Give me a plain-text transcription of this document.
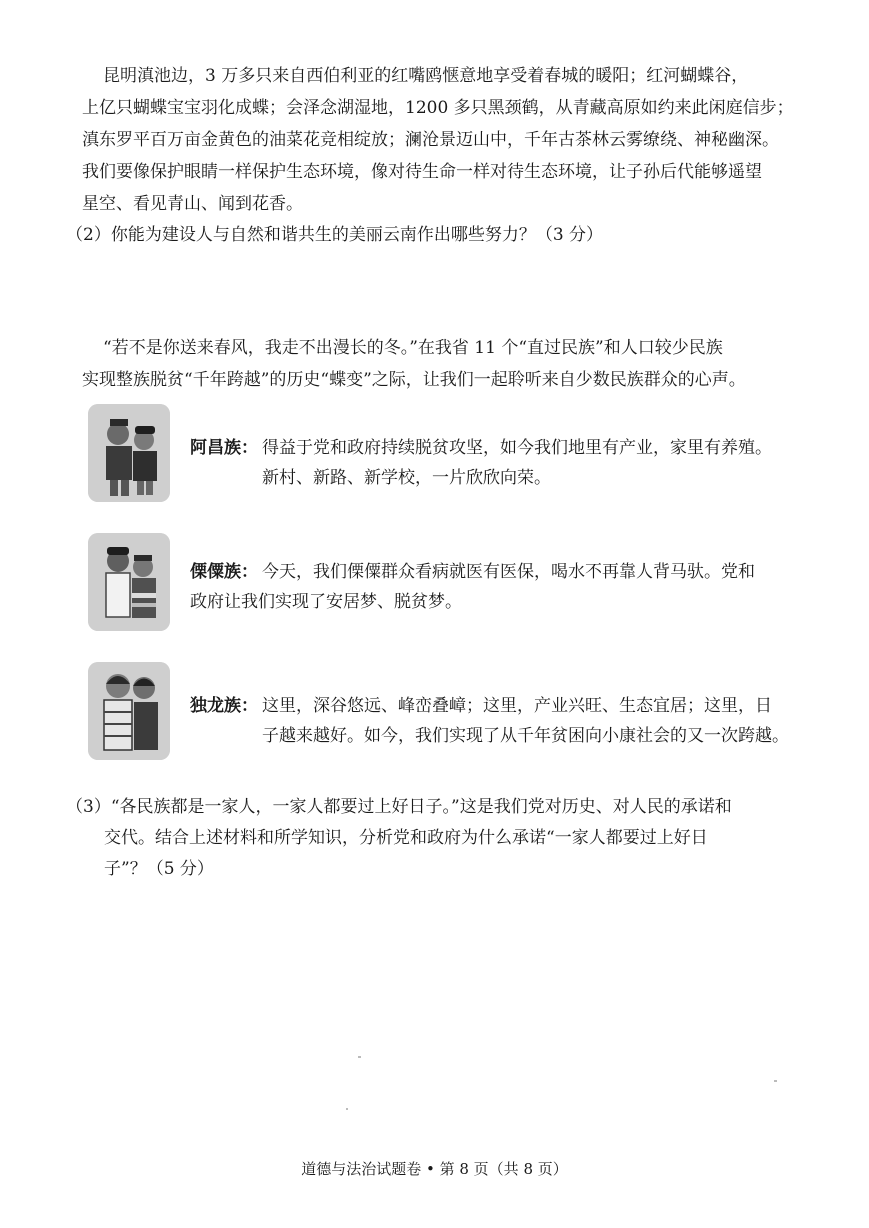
昆明滇池边，3 万多只来自西伯利亚的红嘴鸥惬意地享受着春城的暖阳；红河蝴蝶谷，
上亿只蝴蝶宝宝羽化成蝶；会泽念湖湿地，1200 多只黑颈鹤，从青藏高原如约来此闲庭信步；
滇东罗平百万亩金黄色的油菜花竞相绽放；澜沧景迈山中，千年古茶林云雾缭绕、神秘幽深。
我们要像保护眼睛一样保护生态环境，像对待生命一样对待生态环境，让子孙后代能够遥望
星空、看见青山、闻到花香。
（2）你能为建设人与自然和谐共生的美丽云南作出哪些努力？（3 分）
“若不是你送来春风，我走不出漫长的冬。”在我省 11 个“直过民族”和人口较少民族
实现整族脱贫“千年跨越”的历史“蝶变”之际，让我们一起聆听来自少数民族群众的心声。
阿昌族： 得益于党和政府持续脱贫攻坚，如今我们地里有产业，家里有养殖。
新村、新路、新学校，一片欣欣向荣。
傈僳族： 今天，我们傈僳群众看病就医有医保，喝水不再靠人背马驮。党和
政府让我们实现了安居梦、脱贫梦。
独龙族： 这里，深谷悠远、峰峦叠嶂；这里，产业兴旺、生态宜居；这里，日
子越来越好。如今，我们实现了从千年贫困向小康社会的又一次跨越。
（3）“各民族都是一家人，一家人都要过上好日子。”这是我们党对历史、对人民的承诺和
交代。结合上述材料和所学知识，分析党和政府为什么承诺“一家人都要过上好日
子”？（5 分）
道德与法治试题卷 • 第 8 页（共 8 页）
